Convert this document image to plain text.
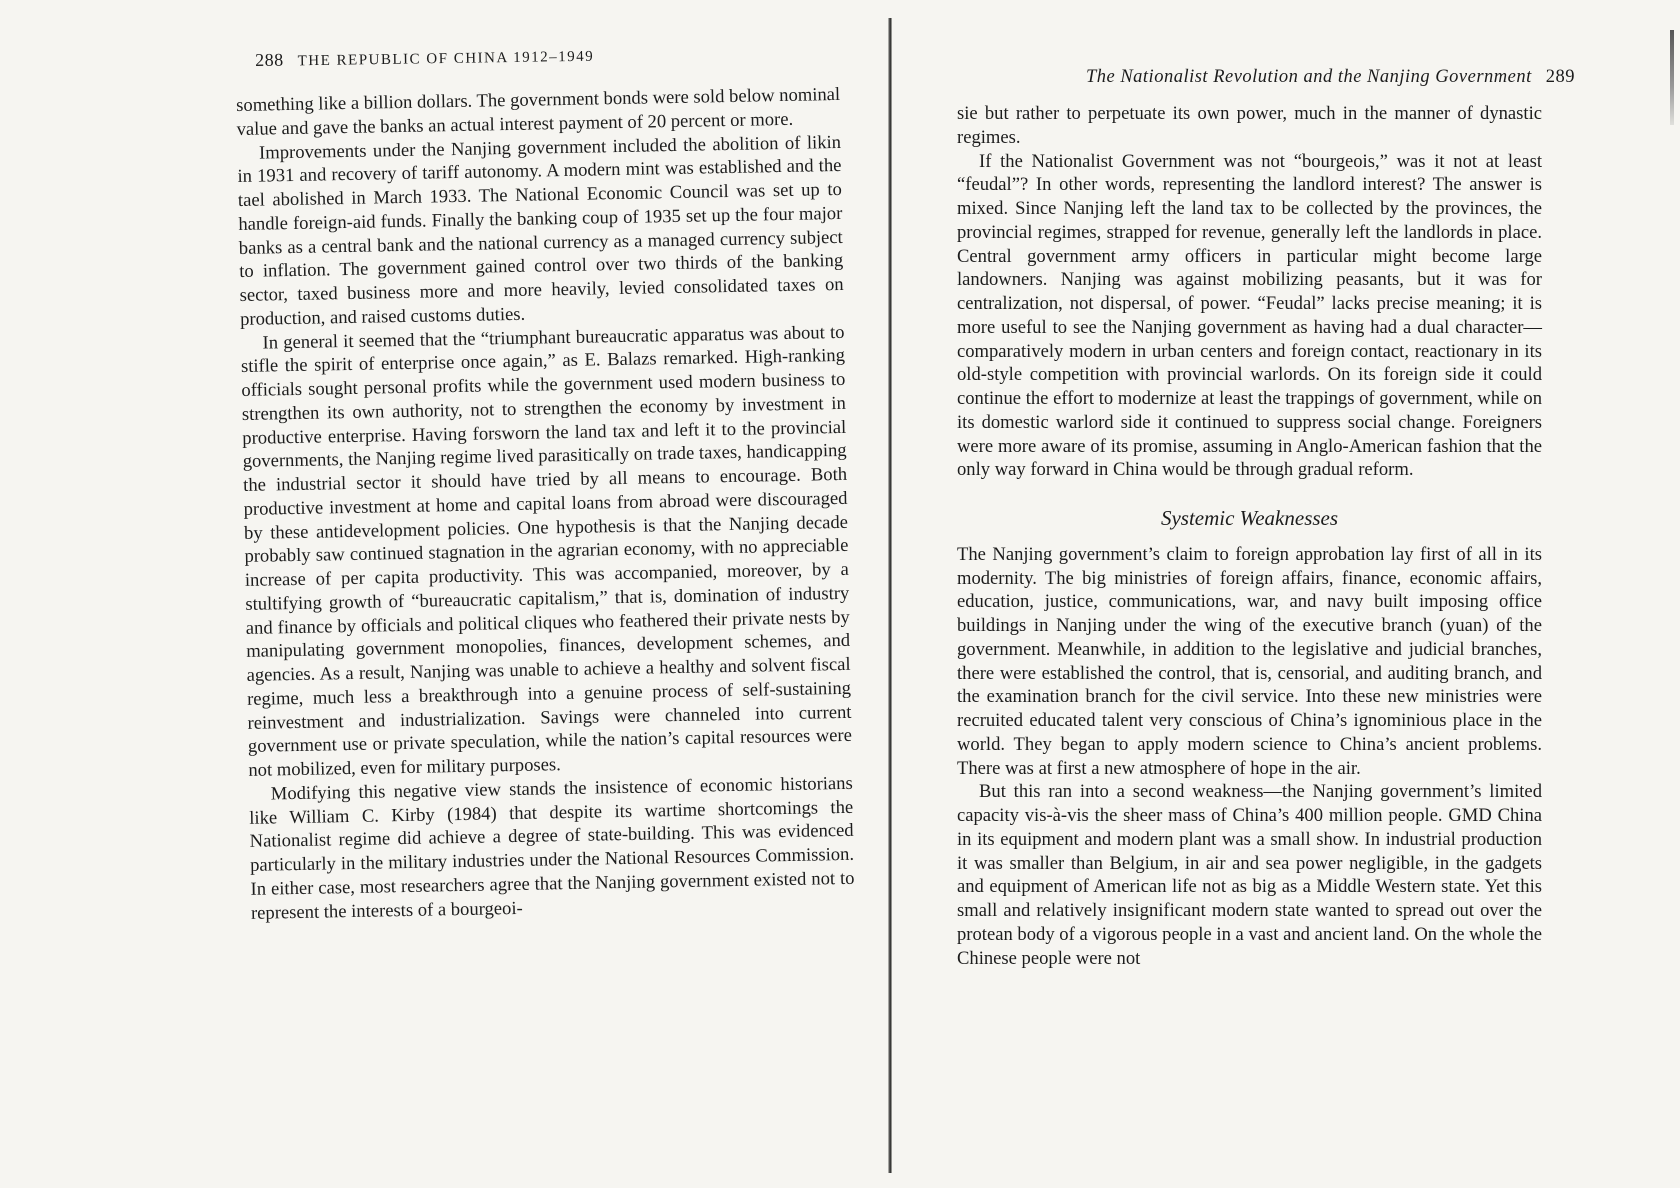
288 THE REPUBLIC OF CHINA 1912–1949

something like a billion dollars. The government bonds were sold below nominal value and gave the banks an actual interest payment of 20 percent or more.

Improvements under the Nanjing government included the abolition of likin in 1931 and recovery of tariff autonomy. A modern mint was established and the tael abolished in March 1933. The National Economic Council was set up to handle foreign-aid funds. Finally the banking coup of 1935 set up the four major banks as a central bank and the national currency as a managed currency subject to inflation. The government gained control over two thirds of the banking sector, taxed business more and more heavily, levied consolidated taxes on production, and raised customs duties.

In general it seemed that the “triumphant bureaucratic apparatus was about to stifle the spirit of enterprise once again,” as E. Balazs remarked. High-ranking officials sought personal profits while the government used modern business to strengthen its own authority, not to strengthen the economy by investment in productive enterprise. Having forsworn the land tax and left it to the provincial governments, the Nanjing regime lived parasitically on trade taxes, handicapping the industrial sector it should have tried by all means to encourage. Both productive investment at home and capital loans from abroad were discouraged by these antidevelopment policies. One hypothesis is that the Nanjing decade probably saw continued stagnation in the agrarian economy, with no appreciable increase of per capita productivity. This was accompanied, moreover, by a stultifying growth of “bureaucratic capitalism,” that is, domination of industry and finance by officials and political cliques who feathered their private nests by manipulating government monopolies, finances, development schemes, and agencies. As a result, Nanjing was unable to achieve a healthy and solvent fiscal regime, much less a breakthrough into a genuine process of self-sustaining reinvestment and industrialization. Savings were channeled into current government use or private speculation, while the nation’s capital resources were not mobilized, even for military purposes.

Modifying this negative view stands the insistence of economic historians like William C. Kirby (1984) that despite its wartime shortcomings the Nationalist regime did achieve a degree of state-building. This was evidenced particularly in the military industries under the National Resources Commission. In either case, most researchers agree that the Nanjing government existed not to represent the interests of a bourgeoi-

The Nationalist Revolution and the Nanjing Government 289

sie but rather to perpetuate its own power, much in the manner of dynastic regimes.

If the Nationalist Government was not “bourgeois,” was it not at least “feudal”? In other words, representing the landlord interest? The answer is mixed. Since Nanjing left the land tax to be collected by the provinces, the provincial regimes, strapped for revenue, generally left the landlords in place. Central government army officers in particular might become large landowners. Nanjing was against mobilizing peasants, but it was for centralization, not dispersal, of power. “Feudal” lacks precise meaning; it is more useful to see the Nanjing government as having had a dual character—comparatively modern in urban centers and foreign contact, reactionary in its old-style competition with provincial warlords. On its foreign side it could continue the effort to modernize at least the trappings of government, while on its domestic warlord side it continued to suppress social change. Foreigners were more aware of its promise, assuming in Anglo-American fashion that the only way forward in China would be through gradual reform.

Systemic Weaknesses

The Nanjing government’s claim to foreign approbation lay first of all in its modernity. The big ministries of foreign affairs, finance, economic affairs, education, justice, communications, war, and navy built imposing office buildings in Nanjing under the wing of the executive branch (yuan) of the government. Meanwhile, in addition to the legislative and judicial branches, there were established the control, that is, censorial, and auditing branch, and the examination branch for the civil service. Into these new ministries were recruited educated talent very conscious of China’s ignominious place in the world. They began to apply modern science to China’s ancient problems. There was at first a new atmosphere of hope in the air.

But this ran into a second weakness—the Nanjing government’s limited capacity vis-à-vis the sheer mass of China’s 400 million people. GMD China in its equipment and modern plant was a small show. In industrial production it was smaller than Belgium, in air and sea power negligible, in the gadgets and equipment of American life not as big as a Middle Western state. Yet this small and relatively insignificant modern state wanted to spread out over the protean body of a vigorous people in a vast and ancient land. On the whole the Chinese people were not
